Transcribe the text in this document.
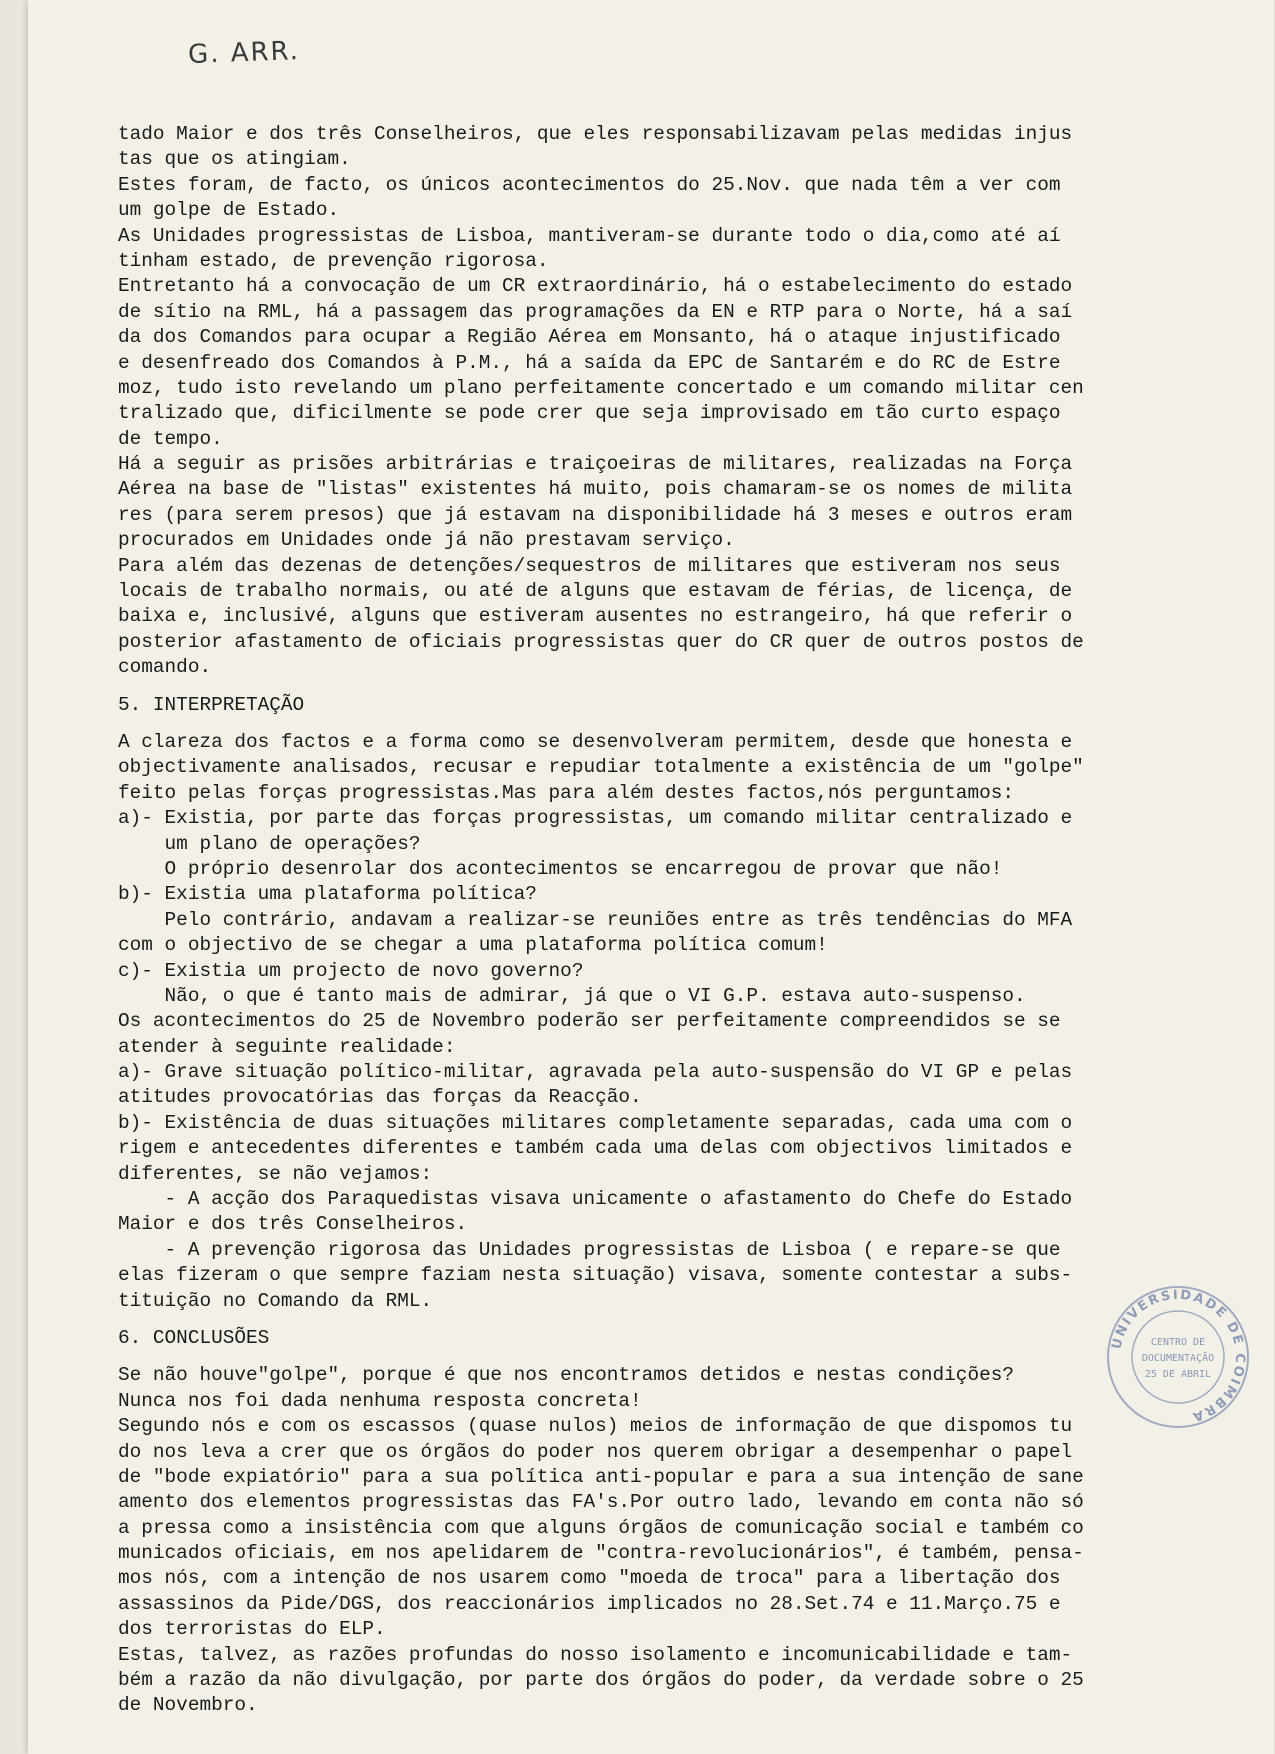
G. ARR.
tado Maior e dos três Conselheiros, que eles responsabilizavam pelas medidas injus
tas que os atingiam.
Estes foram, de facto, os únicos acontecimentos do 25.Nov. que nada têm a ver com
um golpe de Estado.
As Unidades progressistas de Lisboa, mantiveram-se durante todo o dia,como até aí
tinham estado, de prevenção rigorosa.
Entretanto há a convocação de um CR extraordinário, há o estabelecimento do estado
de sítio na RML, há a passagem das programações da EN e RTP para o Norte, há a saí
da dos Comandos para ocupar a Região Aérea em Monsanto, há o ataque injustificado
e desenfreado dos Comandos à P.M., há a saída da EPC de Santarém e do RC de Estre
moz, tudo isto revelando um plano perfeitamente concertado e um comando militar cen
tralizado que, dificilmente se pode crer que seja improvisado em tão curto espaço
de tempo.
Há a seguir as prisões arbitrárias e traiçoeiras de militares, realizadas na Força
Aérea na base de "listas" existentes há muito, pois chamaram-se os nomes de milita
res (para serem presos) que já estavam na disponibilidade há 3 meses e outros eram
procurados em Unidades onde já não prestavam serviço.
Para além das dezenas de detenções/sequestros de militares que estiveram nos seus
locais de trabalho normais, ou até de alguns que estavam de férias, de licença, de
baixa e, inclusivé, alguns que estiveram ausentes no estrangeiro, há que referir o
posterior afastamento de oficiais progressistas quer do CR quer de outros postos de
comando.
5. INTERPRETAÇÃO
A clareza dos factos e a forma como se desenvolveram permitem, desde que honesta e
objectivamente analisados, recusar e repudiar totalmente a existência de um "golpe"
feito pelas forças progressistas.Mas para além destes factos,nós perguntamos:
a)- Existia, por parte das forças progressistas, um comando militar centralizado e
um plano de operações?
O próprio desenrolar dos acontecimentos se encarregou de provar que não!
b)- Existia uma plataforma política?
Pelo contrário, andavam a realizar-se reuniões entre as três tendências do MFA
com o objectivo de se chegar a uma plataforma política comum!
c)- Existia um projecto de novo governo?
Não, o que é tanto mais de admirar, já que o VI G.P. estava auto-suspenso.
Os acontecimentos do 25 de Novembro poderão ser perfeitamente compreendidos se se
atender à seguinte realidade:
a)- Grave situação político-militar, agravada pela auto-suspensão do VI GP e pelas
atitudes provocatórias das forças da Reacção.
b)- Existência de duas situações militares completamente separadas, cada uma com o
rigem e antecedentes diferentes e também cada uma delas com objectivos limitados e
diferentes, se não vejamos:
- A acção dos Paraquedistas visava unicamente o afastamento do Chefe do Estado
Maior e dos três Conselheiros.
- A prevenção rigorosa das Unidades progressistas de Lisboa ( e repare-se que
elas fizeram o que sempre faziam nesta situação) visava, somente contestar a subs-
tituição no Comando da RML.
6. CONCLUSÕES
Se não houve"golpe", porque é que nos encontramos detidos e nestas condições?
Nunca nos foi dada nenhuma resposta concreta!
Segundo nós e com os escassos (quase nulos) meios de informação de que dispomos tu
do nos leva a crer que os órgãos do poder nos querem obrigar a desempenhar o papel
de "bode expiatório" para a sua política anti-popular e para a sua intenção de sane
amento dos elementos progressistas das FA's.Por outro lado, levando em conta não só
a pressa como a insistência com que alguns órgãos de comunicação social e também co
municados oficiais, em nos apelidarem de "contra-revolucionários", é também, pensa-
mos nós, com a intenção de nos usarem como "moeda de troca" para a libertação dos
assassinos da Pide/DGS, dos reaccionários implicados no 28.Set.74 e 11.Março.75 e
dos terroristas do ELP.
Estas, talvez, as razões profundas do nosso isolamento e incomunicabilidade e tam-
bém a razão da não divulgação, por parte dos órgãos do poder, da verdade sobre o 25
de Novembro.
UNIVERSIDADE DE COIMBRA
CENTRO DE
DOCUMENTAÇÃO
25 DE ABRIL
